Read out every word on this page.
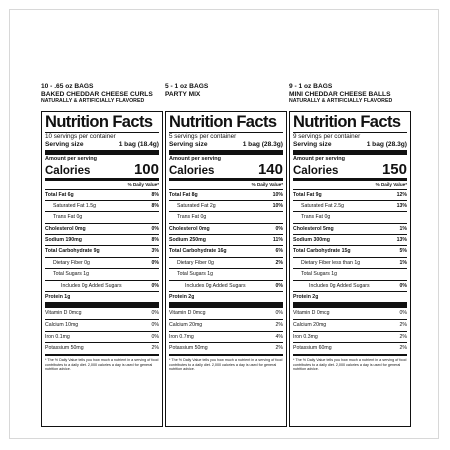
10 - .65 oz BAGS
BAKED CHEDDAR CHEESE CURLS
NATURALLY & ARTIFICIALLY FLAVORED
Nutrition Facts
10 servings per container
Serving size	1 bag (18.4g)
Amount per serving
Calories	100
% Daily Value*
Total Fat 6g	8%
Saturated Fat 1.5g	8%
Trans Fat 0g
Cholesterol 0mg	0%
Sodium 190mg	8%
Total Carbohydrate 9g	3%
Dietary Fiber 0g	0%
Total Sugars 1g
Includes 0g Added Sugars	0%
Protein 1g
Vitamin D 0mcg	0%
Calcium 10mg	0%
Iron 0.1mg	0%
Potassium 50mg	2%
* The % Daily Value tells you how much a nutrient in a serving of food contributes to a daily diet. 2,000 calories a day is used for general nutrition advice.
5 - 1 oz BAGS
PARTY MIX
Nutrition Facts
5 servings per container
Serving size	1 bag (28.3g)
Amount per serving
Calories	140
% Daily Value*
Total Fat 8g	10%
Saturated Fat 2g	10%
Trans Fat 0g
Cholesterol 0mg	0%
Sodium 250mg	11%
Total Carbohydrate 16g	6%
Dietary Fiber 0g	2%
Total Sugars 1g
Includes 0g Added Sugars	0%
Protein 2g
Vitamin D 0mcg	0%
Calcium 20mg	2%
Iron 0.7mg	4%
Potassium 50mg	2%
* The % Daily Value tells you how much a nutrient in a serving of food contributes to a daily diet. 2,000 calories a day is used for general nutrition advice.
9 - 1 oz BAGS
MINI CHEDDAR CHEESE BALLS
NATURALLY & ARTIFICIALLY FLAVORED
Nutrition Facts
9 servings per container
Serving size	1 bag (28.3g)
Amount per serving
Calories	150
% Daily Value*
Total Fat 9g	12%
Saturated Fat 2.5g	13%
Trans Fat 0g
Cholesterol 5mg	1%
Sodium 300mg	13%
Total Carbohydrate 15g	5%
Dietary Fiber less than 1g	1%
Total Sugars 1g
Includes 0g Added Sugars	0%
Protein 2g
Vitamin D 0mcg	0%
Calcium 20mg	2%
Iron 0.3mg	2%
Potassium 60mg	2%
* The % Daily Value tells you how much a nutrient in a serving of food contributes to a daily diet. 2,000 calories a day is used for general nutrition advice.
